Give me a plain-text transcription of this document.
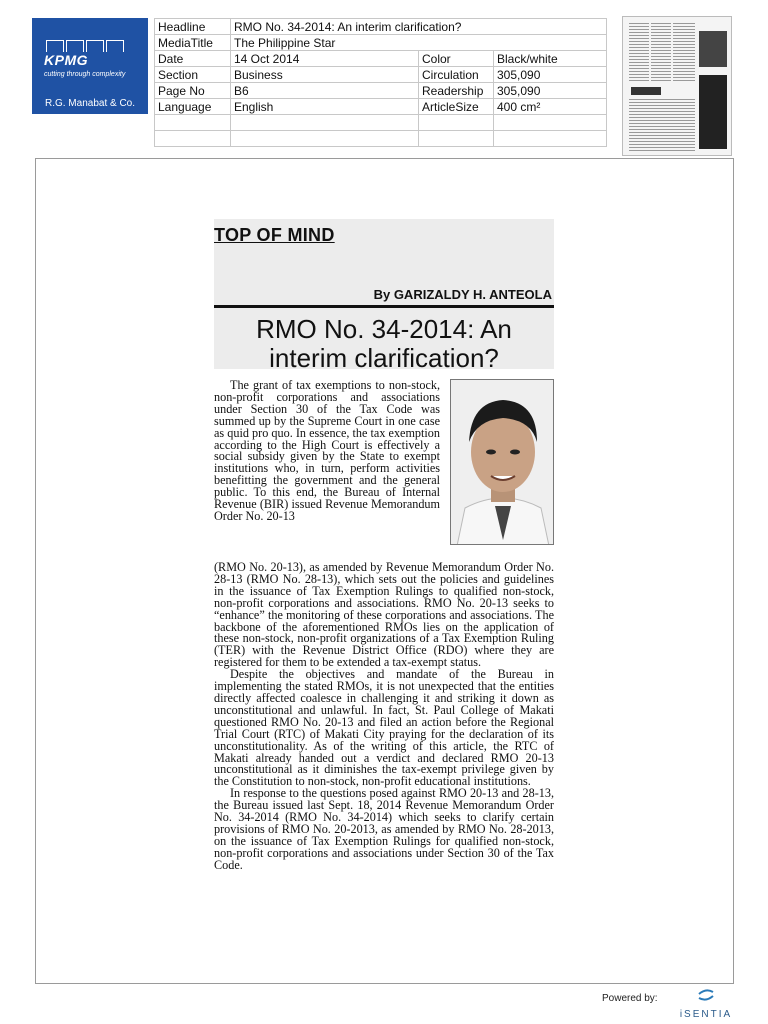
KPMG
cutting through complexity
R.G. Manabat & Co.
Headline	RMO No. 34-2014: An interim clarification?		
MediaTitle	The Philippine Star		
Date	14 Oct 2014	Color	Black/white
Section	Business	Circulation	305,090
Page No	B6	Readership	305,090
Language	English	ArticleSize	400 cm²

TOP OF MIND
By GARIZALDY H. ANTEOLA
RMO No. 34-2014: An interim clarification?
The grant of tax exemptions to non-stock, non-profit corporations and associations under Section 30 of the Tax Code was summed up by the Supreme Court in one case as quid pro quo. In essence, the tax exemption according to the High Court is effectively a social subsidy given by the State to exempt institutions who, in turn, perform activities benefitting the government and the general public. To this end, the Bureau of Internal Revenue (BIR) issued Revenue Memorandum Order No. 20-13

(RMO No. 20-13), as amended by Revenue Memorandum Order No. 28-13 (RMO No. 28-13), which sets out the policies and guidelines in the issuance of Tax Exemption Rulings to qualified non-stock, non-profit corporations and associations. RMO No. 20-13 seeks to “enhance” the monitoring of these corporations and associations. The backbone of the aforementioned RMOs lies on the application of these non-stock, non-profit organizations of a Tax Exemption Ruling (TER) with the Revenue District Office (RDO) where they are registered for them to be extended a tax-exempt status.

Despite the objectives and mandate of the Bureau in implementing the stated RMOs, it is not unexpected that the entities directly affected coalesce in challenging it and striking it down as unconstitutional and unlawful. In fact, St. Paul College of Makati questioned RMO No. 20-13 and filed an action before the Regional Trial Court (RTC) of Makati City praying for the declaration of its unconstitutionality. As of the writing of this article, the RTC of Makati already handed out a verdict and declared RMO 20-13 unconstitutional as it diminishes the tax-exempt privilege given by the Constitution to non-stock, non-profit educational institutions.

In response to the questions posed against RMO 20-13 and 28-13, the Bureau issued last Sept. 18, 2014 Revenue Memorandum Order No. 34-2014 (RMO No. 34-2014) which seeks to clarify certain provisions of RMO No. 20-2013, as amended by RMO No. 28-2013, on the issuance of Tax Exemption Rulings for qualified non-stock, non-profit corporations and associations under Section 30 of the Tax Code.

Powered by:
iSENTIA
